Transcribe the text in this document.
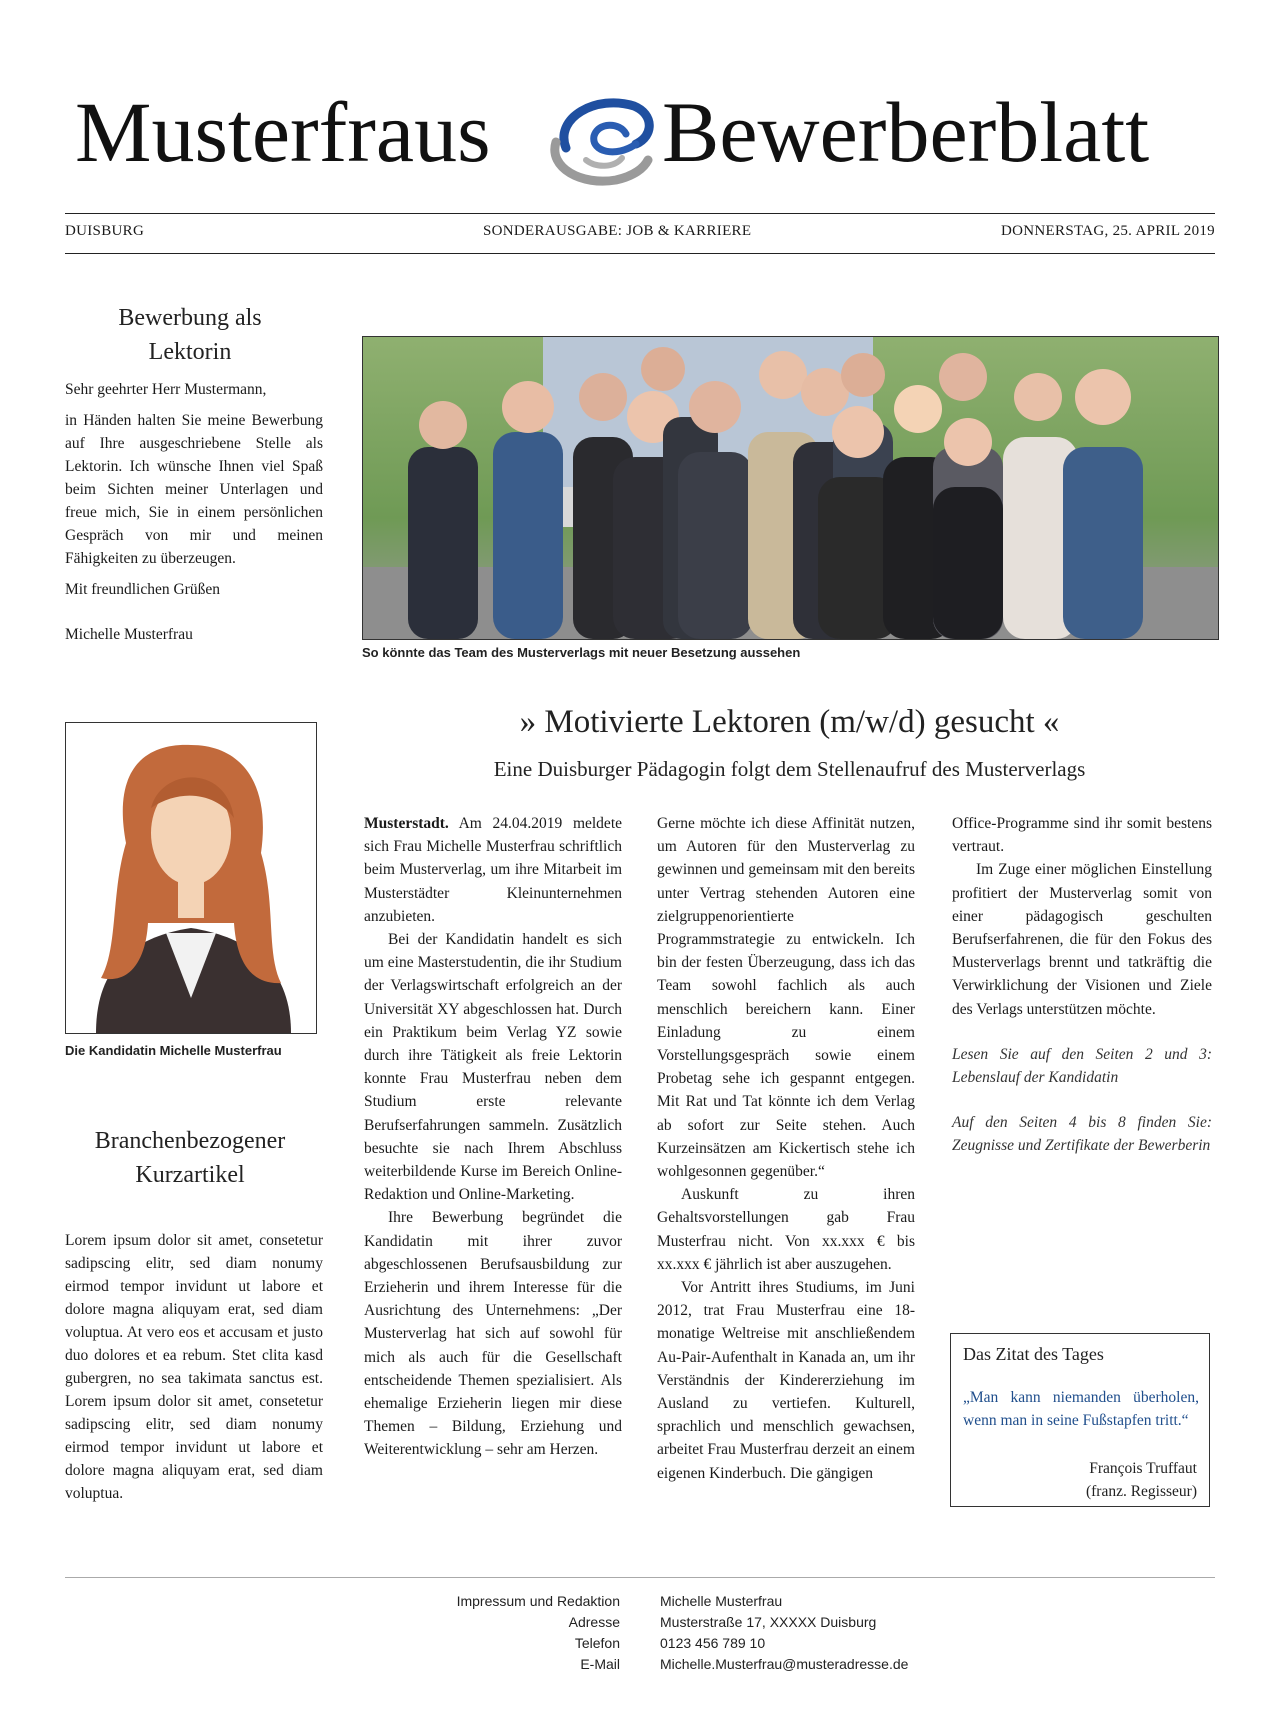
Musterfraus Bewerberblatt
DUISBURG	SONDERAUSGABE: JOB & KARRIERE	DONNERSTAG, 25. APRIL 2019
Bewerbung als
Lektorin

Sehr geehrter Herr Mustermann,

in Händen halten Sie meine Bewerbung auf Ihre ausgeschriebene Stelle als Lektorin. Ich wünsche Ihnen viel Spaß beim Sichten meiner Unterlagen und freue mich, Sie in einem persönlichen Gespräch von mir und meinen Fähigkeiten zu überzeugen.

Mit freundlichen Grüßen

Michelle Musterfrau

Die Kandidatin Michelle Musterfrau
Branchenbezogener
Kurzartikel

Lorem ipsum dolor sit amet, consetetur sadipscing elitr, sed diam nonumy eirmod tempor invidunt ut labore et dolore magna aliquyam erat, sed diam voluptua. At vero eos et accusam et justo duo dolores et ea rebum. Stet clita kasd gubergren, no sea takimata sanctus est. Lorem ipsum dolor sit amet, consetetur sadipscing elitr, sed diam nonumy eirmod tempor invidunt ut labore et dolore magna aliquyam erat, sed diam voluptua.

So könnte das Team des Musterverlags mit neuer Besetzung aussehen
» Motivierte Lektoren (m/w/d) gesucht «
Eine Duisburger Pädagogin folgt dem Stellenaufruf des Musterverlags

Musterstadt. Am 24.04.2019 meldete sich Frau Michelle Musterfrau schriftlich beim Musterverlag, um ihre Mitarbeit im Musterstädter Kleinunternehmen anzubieten.

Bei der Kandidatin handelt es sich um eine Masterstudentin, die ihr Studium der Verlagswirtschaft erfolgreich an der Universität XY abgeschlossen hat. Durch ein Praktikum beim Verlag YZ sowie durch ihre Tätigkeit als freie Lektorin konnte Frau Musterfrau neben dem Studium erste relevante Berufserfahrungen sammeln. Zusätzlich besuchte sie nach Ihrem Abschluss weiterbildende Kurse im Bereich Online-Redaktion und Online-Marketing.

Ihre Bewerbung begründet die Kandidatin mit ihrer zuvor abgeschlossenen Berufsausbildung zur Erzieherin und ihrem Interesse für die Ausrichtung des Unternehmens: „Der Musterverlag hat sich auf sowohl für mich als auch für die Gesellschaft entscheidende Themen spezialisiert. Als ehemalige Erzieherin liegen mir diese Themen – Bildung, Erziehung und Weiterentwicklung – sehr am Herzen.

Gerne möchte ich diese Affinität nutzen, um Autoren für den Musterverlag zu gewinnen und gemeinsam mit den bereits unter Vertrag stehenden Autoren eine zielgruppenorientierte Programmstrategie zu entwickeln. Ich bin der festen Überzeugung, dass ich das Team sowohl fachlich als auch menschlich bereichern kann. Einer Einladung zu einem Vorstellungsgespräch sowie einem Probetag sehe ich gespannt entgegen. Mit Rat und Tat könnte ich dem Verlag ab sofort zur Seite stehen. Auch Kurzeinsätzen am Kickertisch stehe ich wohlgesonnen gegenüber.“

Auskunft zu ihren Gehaltsvorstellungen gab Frau Musterfrau nicht. Von xx.xxx € bis xx.xxx € jährlich ist aber auszugehen.

Vor Antritt ihres Studiums, im Juni 2012, trat Frau Musterfrau eine 18-monatige Weltreise mit anschließendem Au-Pair-Aufenthalt in Kanada an, um ihr Verständnis der Kindererziehung im Ausland zu vertiefen. Kulturell, sprachlich und menschlich gewachsen, arbeitet Frau Musterfrau derzeit an einem eigenen Kinderbuch. Die gängigen

Office-Programme sind ihr somit bestens vertraut.

Im Zuge einer möglichen Einstellung profitiert der Musterverlag somit von einer pädagogisch geschulten Berufserfahrenen, die für den Fokus des Musterverlags brennt und tatkräftig die Verwirklichung der Visionen und Ziele des Verlags unterstützen möchte.

Lesen Sie auf den Seiten 2 und 3: Lebenslauf der Kandidatin

Auf den Seiten 4 bis 8 finden Sie: Zeugnisse und Zertifikate der Bewerberin

Das Zitat des Tages
„Man kann niemanden überholen, wenn man in seine Fußstapfen tritt.“
François Truffaut
(franz. Regisseur)
Impressum und Redaktion	Michelle Musterfrau
Adresse	Musterstraße 17, XXXXX Duisburg
Telefon	0123 456 789 10
E-Mail	Michelle.Musterfrau@musteradresse.de
